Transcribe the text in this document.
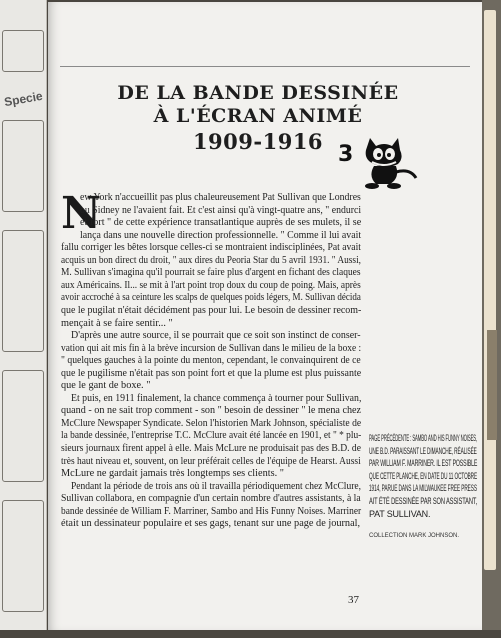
Specie	DE LA BANDE DESSINÉE
À L'ÉCRAN ANIMÉ
1909-1916
3
N
ew York n'accueillit pas plus chaleureusement Pat Sullivan que Londres
ou Sidney ne l'avaient fait. Et c'est ainsi qu'à vingt-quatre ans, " endurci
et fort " de cette expérience transatlantique auprès de ses mulets, il se
lança dans une nouvelle direction professionnelle. " Comme il lui avait
fallu corriger les bêtes lorsque celles-ci se montraient indisciplinées, Pat avait
acquis un bon direct du droit, " aux dires du Peoria Star du 5 avril 1931. " Aussi,
M. Sullivan s'imagina qu'il pourrait se faire plus d'argent en fichant des claques
aux Américains. Il... se mit à l'art point trop doux du coup de poing. Mais, après
avoir accroché à sa ceinture les scalps de quelques poids légers, M. Sullivan décida
que le pugilat n'était décidément pas pour lui. Le besoin de dessiner recom-
mençait à se faire sentir... "
D'après une autre source, il se pourrait que ce soit son instinct de conser-
vation qui ait mis fin à la brève incursion de Sullivan dans le milieu de la boxe :
" quelques gauches à la pointe du menton, cependant, le convainquirent de ce
que le pugilisme n'était pas son point fort et que la plume est plus puissante
que le gant de boxe. "
Et puis, en 1911 finalement, la chance commença à tourner pour Sullivan,
quand - on ne sait trop comment - son " besoin de dessiner " le mena chez
McClure Newspaper Syndicate. Selon l'historien Mark Johnson, spécialiste de
la bande dessinée, l'entreprise T.C. McClure avait été lancée en 1901, et " * plu-
sieurs journaux firent appel à elle. Mais McLure ne produisait pas des B.D. de
très haut niveau et, souvent, on leur préférait celles de l'équipe de Hearst. Aussi
McLure ne gardait jamais très longtemps ses clients. "
Pendant la période de trois ans où il travailla périodiquement chez McClure,
Sullivan collabora, en compagnie d'un certain nombre d'autres assistants, à la
bande dessinée de William F. Marriner, Sambo and His Funny Noises. Marriner
était un dessinateur populaire et ses gags, tenant sur une page de journal,
PAGE PRÉCÉDENTE : SAMBO AND HIS FUNNY NOISES,
UNE B.D. PARAISSANT LE DIMANCHE, RÉALISÉE
PAR WILLIAM F. MARRINER. IL EST POSSIBLE
QUE CETTE PLANCHE, EN DATE DU 11 OCTOBRE
1914, PARUE DANS LA MILWAUKEE FREE PRESS
AIT ÉTÉ DESSINÉE PAR SON ASSISTANT,
PAT SULLIVAN.
COLLECTION MARK JOHNSON.
37
